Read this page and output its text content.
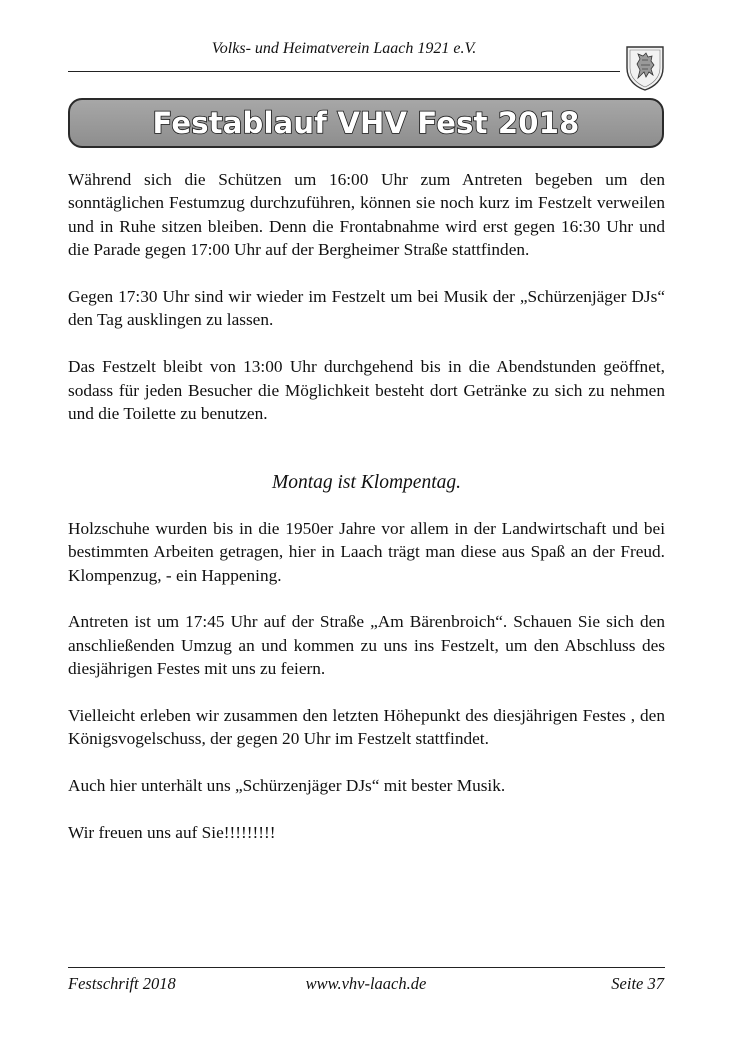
Volks- und Heimatverein Laach 1921 e.V.
Festablauf VHV Fest 2018

Während sich die Schützen um 16:00 Uhr zum Antreten begeben um den sonntäglichen Festumzug durchzuführen, können sie noch kurz im Festzelt verweilen und in Ruhe sitzen bleiben. Denn die Frontabnahme wird erst gegen 16:30 Uhr und die Parade gegen 17:00 Uhr auf der Bergheimer Straße stattfinden.

Gegen 17:30 Uhr sind wir wieder im Festzelt um bei Musik der „Schürzenjäger DJs“ den Tag ausklingen zu lassen.

Das Festzelt bleibt von 13:00 Uhr durchgehend bis in die Abendstunden geöffnet, sodass für jeden Besucher die Möglichkeit besteht dort Getränke zu sich zu nehmen und die Toilette zu benutzen.

Montag ist Klompentag.

Holzschuhe wurden bis in die 1950er Jahre vor allem in der Landwirtschaft und bei bestimmten Arbeiten getragen, hier in Laach trägt man diese aus Spaß an der Freud. Klompenzug, - ein Happening.

Antreten ist um 17:45 Uhr auf der Straße „Am Bärenbroich“. Schauen Sie sich den anschließenden Umzug an und kommen zu uns ins Festzelt, um den Abschluss des diesjährigen Festes mit uns zu feiern.

Vielleicht erleben wir zusammen den letzten Höhepunkt des diesjährigen Festes , den Königsvogelschuss, der gegen 20 Uhr im Festzelt stattfindet.

Auch hier unterhält uns „Schürzenjäger DJs“ mit bester Musik.

Wir freuen uns auf Sie!!!!!!!!!

Festschrift 2018	www.vhv-laach.de	Seite 37
